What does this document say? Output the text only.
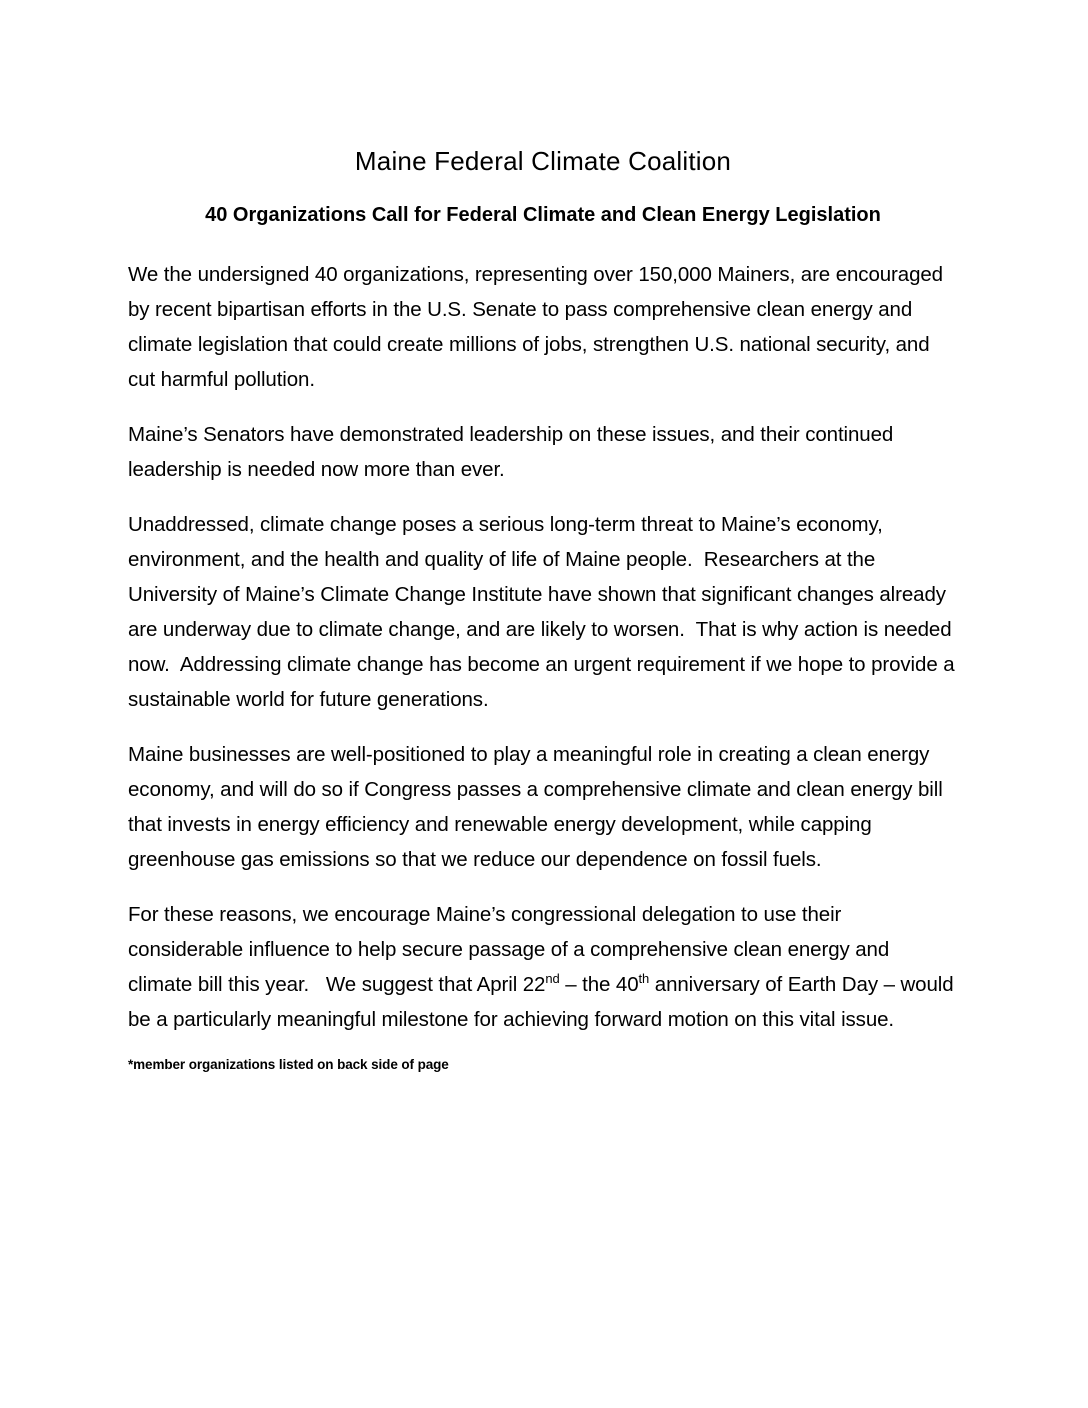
Maine Federal Climate Coalition
40 Organizations Call for Federal Climate and Clean Energy Legislation

We the undersigned 40 organizations, representing over 150,000 Mainers, are encouraged by recent bipartisan efforts in the U.S. Senate to pass comprehensive clean energy and climate legislation that could create millions of jobs, strengthen U.S. national security, and cut harmful pollution.

Maine’s Senators have demonstrated leadership on these issues, and their continued leadership is needed now more than ever.

Unaddressed, climate change poses a serious long-term threat to Maine’s economy, environment, and the health and quality of life of Maine people.  Researchers at the University of Maine’s Climate Change Institute have shown that significant changes already are underway due to climate change, and are likely to worsen.  That is why action is needed now.  Addressing climate change has become an urgent requirement if we hope to provide a sustainable world for future generations.

Maine businesses are well-positioned to play a meaningful role in creating a clean energy economy, and will do so if Congress passes a comprehensive climate and clean energy bill that invests in energy efficiency and renewable energy development, while capping greenhouse gas emissions so that we reduce our dependence on fossil fuels.

For these reasons, we encourage Maine’s congressional delegation to use their considerable influence to help secure passage of a comprehensive clean energy and climate bill this year.   We suggest that April 22nd – the 40th anniversary of Earth Day – would be a particularly meaningful milestone for achieving forward motion on this vital issue.

*member organizations listed on back side of page
